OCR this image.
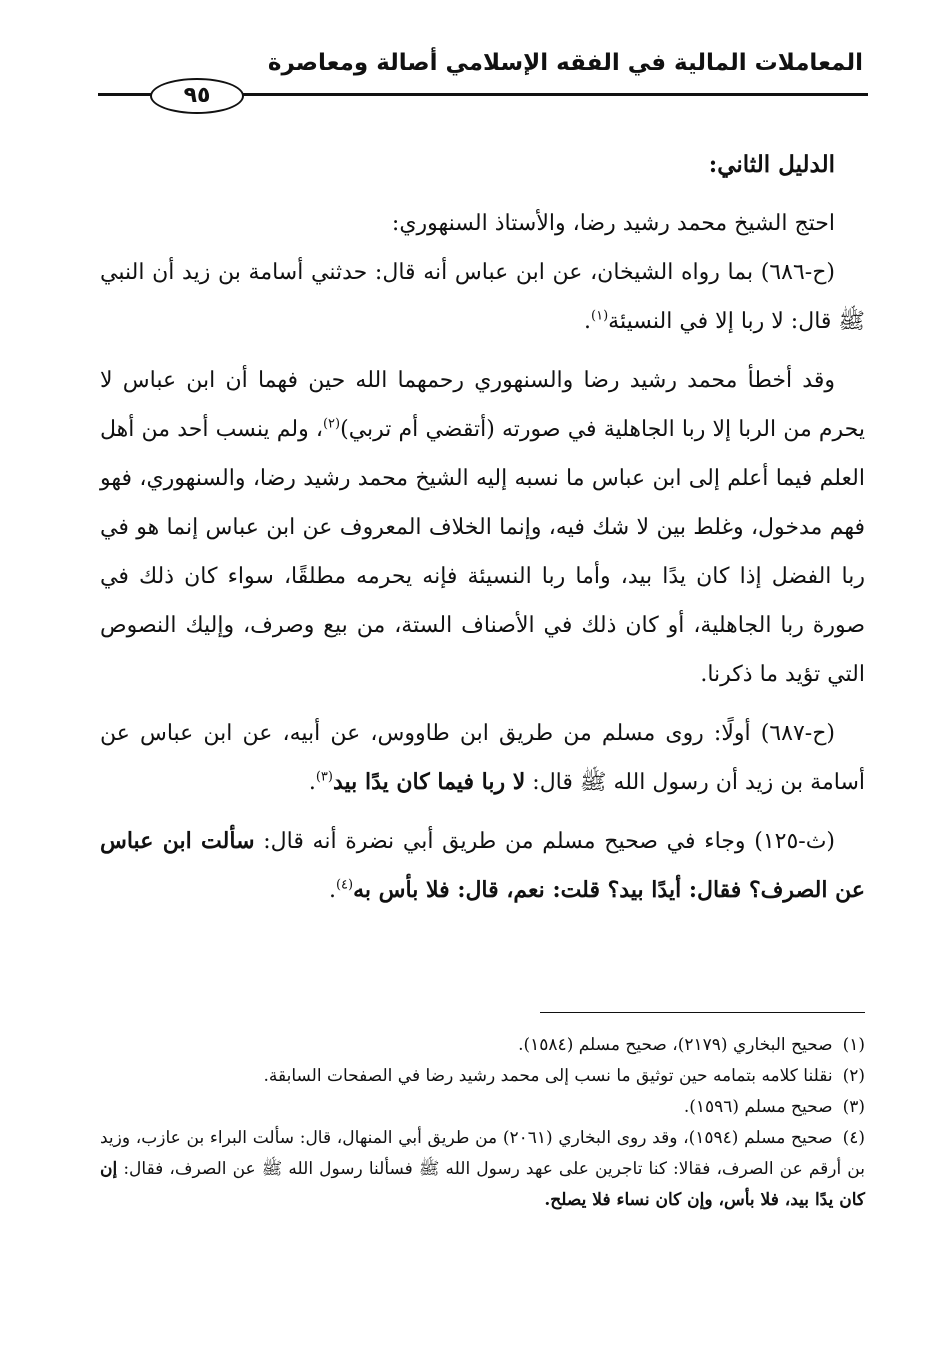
المعاملات المالية في الفقه الإسلامي أصالة ومعاصرة
٩٥

الدليل الثاني:

احتج الشيخ محمد رشيد رضا، والأستاذ السنهوري:

(ح-٦٨٦) بما رواه الشيخان، عن ابن عباس أنه قال: حدثني أسامة بن زيد أن النبي ﷺ قال: لا ربا إلا في النسيئة$^{(١)}$.

وقد أخطأ محمد رشيد رضا والسنهوري رحمهما الله حين فهما أن ابن عباس لا يحرم من الربا إلا ربا الجاهلية في صورته (أتقضي أم تربي)$^{(٢)}$، ولم ينسب أحد من أهل العلم فيما أعلم إلى ابن عباس ما نسبه إليه الشيخ محمد رشيد رضا، والسنهوري، فهو فهم مدخول، وغلط بين لا شك فيه، وإنما الخلاف المعروف عن ابن عباس إنما هو في ربا الفضل إذا كان يدًا بيد، وأما ربا النسيئة فإنه يحرمه مطلقًا، سواء كان ذلك في صورة ربا الجاهلية، أو كان ذلك في الأصناف الستة، من بيع وصرف، وإليك النصوص التي تؤيد ما ذكرنا.

(ح-٦٨٧) أولًا: روى مسلم من طريق ابن طاووس، عن أبيه، عن ابن عباس عن أسامة بن زيد أن رسول الله ﷺ قال: لا ربا فيما كان يدًا بيد$^{(٣)}$.

(ث-١٢٥) وجاء في صحيح مسلم من طريق أبي نضرة أنه قال: سألت ابن عباس عن الصرف؟ فقال: أيدًا بيد؟ قلت: نعم، قال: فلا بأس به$^{(٤)}$.

(١)صحيح البخاري (٢١٧٩)، صحيح مسلم (١٥٨٤).

(٢)نقلنا كلامه بتمامه حين توثيق ما نسب إلى محمد رشيد رضا في الصفحات السابقة.

(٣)صحيح مسلم (١٥٩٦).

(٤)صحيح مسلم (١٥٩٤)، وقد روى البخاري (٢٠٦١) من طريق أبي المنهال، قال: سألت البراء بن عازب، وزيد بن أرقم عن الصرف، فقالا: كنا تاجرين على عهد رسول الله ﷺ فسألنا رسول الله ﷺ عن الصرف، فقال: إن كان يدًا بيد، فلا بأس، وإن كان نساء فلا يصلح.
